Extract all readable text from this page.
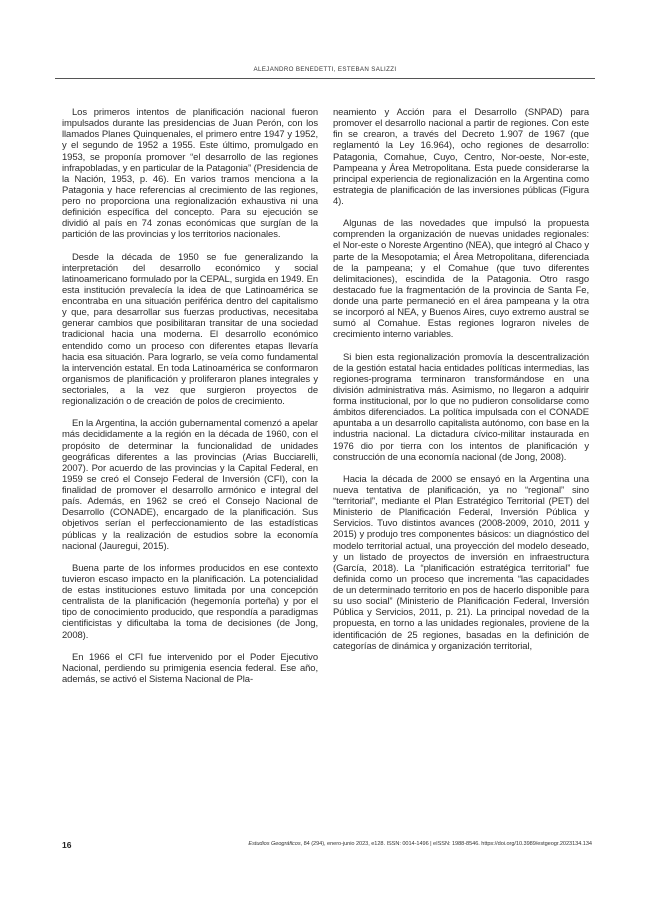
ALEJANDRO BENEDETTI, ESTEBAN SALIZZI

Los primeros intentos de planificación nacional fueron impulsados durante las presidencias de Juan Perón, con los llamados Planes Quinquenales, el primero entre 1947 y 1952, y el segundo de 1952 a 1955. Este último, promulgado en 1953, se proponía promover “el desarrollo de las regiones infrapobladas, y en particular de la Patagonia” (Presidencia de la Nación, 1953, p. 46). En varios tramos menciona a la Patagonia y hace referencias al crecimiento de las regiones, pero no proporciona una regionalización exhaustiva ni una definición específica del concepto. Para su ejecución se dividió al país en 74 zonas económicas que surgían de la partición de las provincias y los territorios nacionales.

Desde la década de 1950 se fue generalizando la interpretación del desarrollo económico y social latinoamericano formulado por la CEPAL, surgida en 1949. En esta institución prevalecía la idea de que Latinoamérica se encontraba en una situación periférica dentro del capitalismo y que, para desarrollar sus fuerzas productivas, necesitaba generar cambios que posibilitaran transitar de una sociedad tradicional hacia una moderna. El desarrollo económico entendido como un proceso con diferentes etapas llevaría hacia esa situación. Para lograrlo, se veía como fundamental la intervención estatal. En toda Latinoamérica se conformaron organismos de planificación y proliferaron planes integrales y sectoriales, a la vez que surgieron proyectos de regionalización o de creación de polos de crecimiento.

En la Argentina, la acción gubernamental comenzó a apelar más decididamente a la región en la década de 1960, con el propósito de determinar la funcionalidad de unidades geográficas diferentes a las provincias (Arias Bucciarelli, 2007). Por acuerdo de las provincias y la Capital Federal, en 1959 se creó el Consejo Federal de Inversión (CFI), con la finalidad de promover el desarrollo armónico e integral del país. Además, en 1962 se creó el Consejo Nacional de Desarrollo (CONADE), encargado de la planificación. Sus objetivos serían el perfeccionamiento de las estadísticas públicas y la realización de estudios sobre la economía nacional (Jauregui, 2015).

Buena parte de los informes producidos en ese contexto tuvieron escaso impacto en la planificación. La potencialidad de estas instituciones estuvo limitada por una concepción centralista de la planificación (hegemonía porteña) y por el tipo de conocimiento producido, que respondía a paradigmas cientificistas y dificultaba la toma de decisiones (de Jong, 2008).

En 1966 el CFI fue intervenido por el Poder Ejecutivo Nacional, perdiendo su primigenia esencia federal. Ese año, además, se activó el Sistema Nacional de Pla-

neamiento y Acción para el Desarrollo (SNPAD) para promover el desarrollo nacional a partir de regiones. Con este fin se crearon, a través del Decreto 1.907 de 1967 (que reglamentó la Ley 16.964), ocho regiones de desarrollo: Patagonia, Comahue, Cuyo, Centro, Nor-oeste, Nor-este, Pampeana y Área Metropolitana. Esta puede considerarse la principal experiencia de regionalización en la Argentina como estrategia de planificación de las inversiones públicas (Figura 4).

Algunas de las novedades que impulsó la propuesta comprenden la organización de nuevas unidades regionales: el Nor-este o Noreste Argentino (NEA), que integró al Chaco y parte de la Mesopotamia; el Área Metropolitana, diferenciada de la pampeana; y el Comahue (que tuvo diferentes delimitaciones), escindida de la Patagonia. Otro rasgo destacado fue la fragmentación de la provincia de Santa Fe, donde una parte permaneció en el área pampeana y la otra se incorporó al NEA, y Buenos Aires, cuyo extremo austral se sumó al Comahue. Estas regiones lograron niveles de crecimiento interno variables.

Si bien esta regionalización promovía la descentralización de la gestión estatal hacia entidades políticas intermedias, las regiones-programa terminaron transformándose en una división administrativa más. Asimismo, no llegaron a adquirir forma institucional, por lo que no pudieron consolidarse como ámbitos diferenciados. La política impulsada con el CONADE apuntaba a un desarrollo capitalista autónomo, con base en la industria nacional. La dictadura cívico-militar instaurada en 1976 dio por tierra con los intentos de planificación y construcción de una economía nacional (de Jong, 2008).

Hacia la década de 2000 se ensayó en la Argentina una nueva tentativa de planificación, ya no “regional” sino “territorial”, mediante el Plan Estratégico Territorial (PET) del Ministerio de Planificación Federal, Inversión Pública y Servicios. Tuvo distintos avances (2008-2009, 2010, 2011 y 2015) y produjo tres componentes básicos: un diagnóstico del modelo territorial actual, una proyección del modelo deseado, y un listado de proyectos de inversión en infraestructura (García, 2018). La “planificación estratégica territorial” fue definida como un proceso que incrementa “las capacidades de un determinado territorio en pos de hacerlo disponible para su uso social” (Ministerio de Planificación Federal, Inversión Pública y Servicios, 2011, p. 21). La principal novedad de la propuesta, en torno a las unidades regionales, proviene de la identificación de 25 regiones, basadas en la definición de categorías de dinámica y organización territorial,

16	Estudios Geográficos, 84 (294), enero-junio 2023, e128. ISSN: 0014-1496 | eISSN: 1988-8546. https://doi.org/10.3989/estgeogr.2023134.134
